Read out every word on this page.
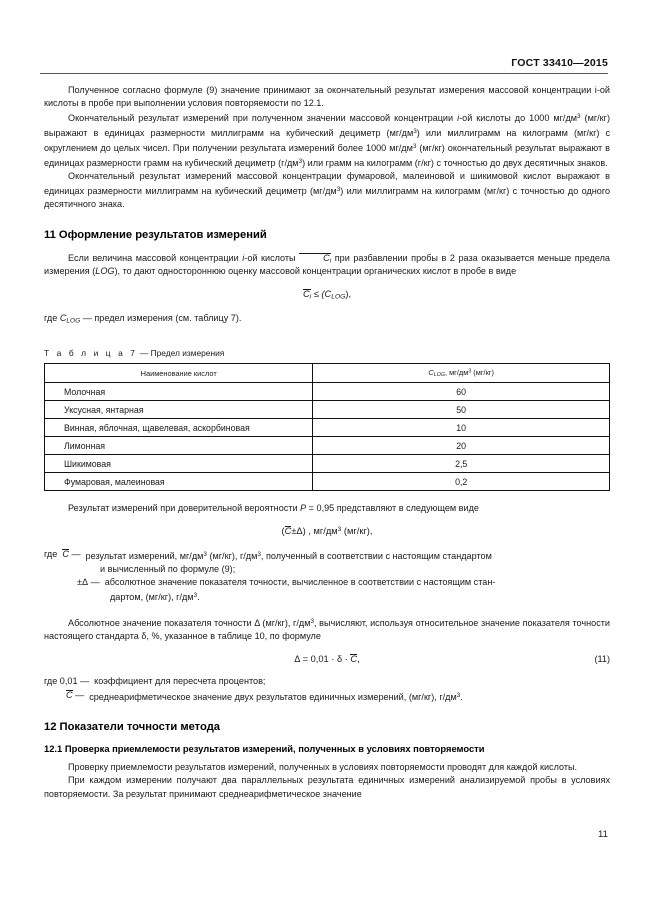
ГОСТ 33410—2015

Полученное согласно формуле (9) значение принимают за окончательный результат измерения массовой концентрации i-ой кислоты в пробе при выполнении условия повторяемости по 12.1.

Окончательный результат измерений при полученном значении массовой концентрации i-ой кислоты до 1000 $мг/дм^3$ (мг/кг) выражают в единицах размерности миллиграмм на кубический дециметр $(мг/дм^3)$ или миллиграмм на килограмм (мг/кг) с округлением до целых чисел. При получении результата измерений более 1000 $мг/дм^3$ (мг/кг) окончательный результат выражают в единицах размерности грамм на кубический дециметр $(г/дм^3)$ или грамм на килограмм (г/кг) с точностью до двух десятичных знаков.

Окончательный результат измерений массовой концентрации фумаровой, малеиновой и шикимовой кислот выражают в единицах размерности миллиграмм на кубический дециметр $(мг/дм^3)$ или миллиграмм на килограмм (мг/кг) с точностью до одного десятичного знака.

11 Оформление результатов измерений

Если величина массовой концентрации i-ой кислоты	$C_i$ при разбавлении пробы в 2 раза оказывается меньше предела измерения (LOG), то дают одностороннюю оценку массовой концентрации органических кислот в пробе в виде

$C_i \le (C_{LOG})$,

где $C_{LOG}$ — предел измерения (см. таблицу 7).

Т а б л и ц а 7 — Предел измерения
Наименование кислот	$C_{LOG}$, $мг/дм^3$ (мг/кг)
Молочная	60
Уксусная, янтарная	50
Винная, яблочная, щавелевая, аскорбиновая	10
Лимонная	20
Шикимовая	2,5
Фумаровая, малеиновая	0,2

Результат измерений при доверительной вероятности P = 0,95 представляют в следующем виде

(C±Δ) , $мг/дм^3$ (мг/кг),
где C — результат измерений, $мг/дм^3$ (мг/кг), $г/дм^3$, полученный в соответствии с настоящим стандартом
и вычисленный по формуле (9);
±Δ — абсолютное значение показателя точности, вычисленное в соответствии с настоящим стан-
дартом, (мг/кг), $г/дм^3$.

Абсолютное значение показателя точности Δ (мг/кг), $г/дм^3$, вычисляют, используя относительное значение показателя точности настоящего стандарта δ, %, указанное в таблице 10, по формуле

Δ = 0,01 · δ · C,	(11)
где 0,01 — коэффициент для пересчета процентов;
C — среднеарифметическое значение двух результатов единичных измерений, (мг/кг), $г/дм^3$.
12 Показатели точности метода
12.1 Проверка приемлемости результатов измерений, полученных в условиях повторяемости

Проверку приемлемости результатов измерений, полученных в условиях повторяемости проводят для каждой кислоты.

При каждом измерении получают два параллельных результата единичных измерений анализируемой пробы в условиях повторяемости. За результат принимают среднеарифметическое значение

11
